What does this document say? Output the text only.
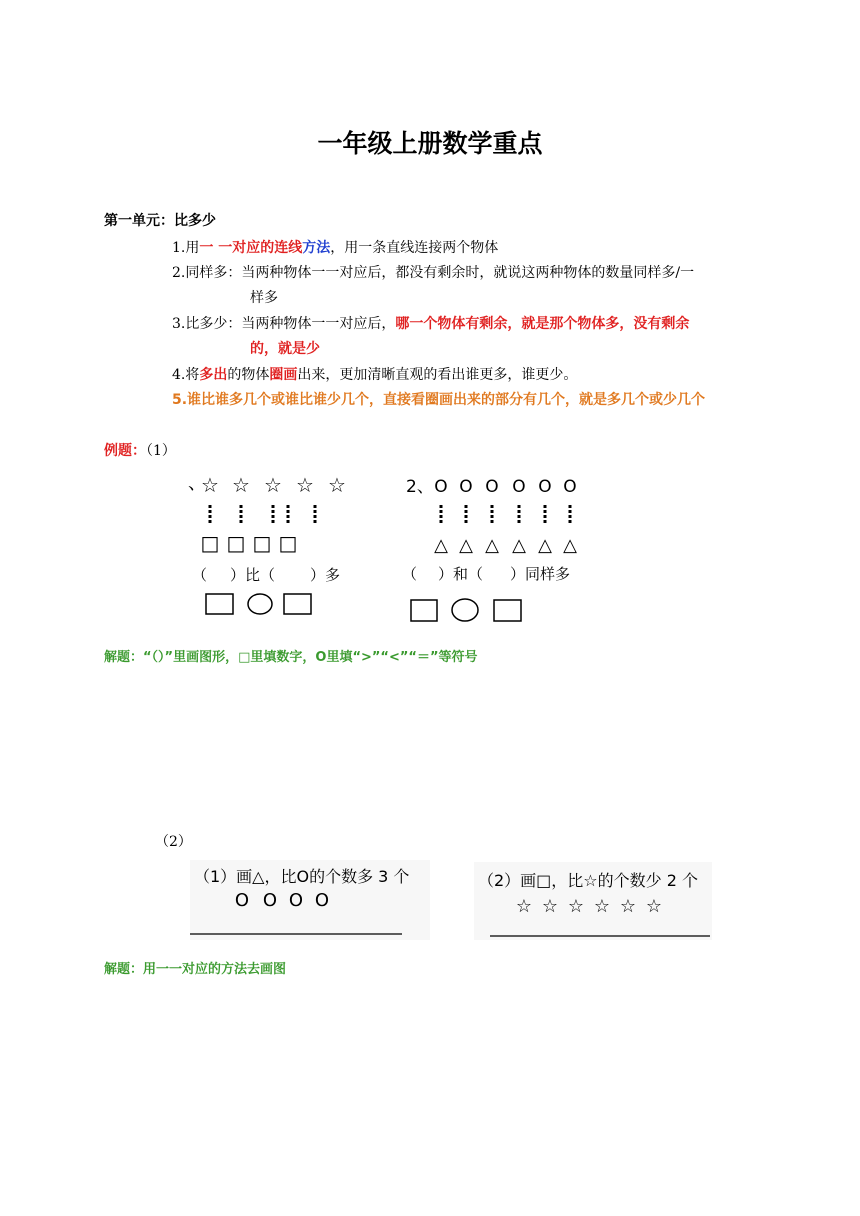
一年级上册数学重点
第一单元：比多少
1.用一 一对应的连线方法，用一条直线连接两个物体
2.同样多：当两种物体一一对应后，都没有剩余时，就说这两种物体的数量同样多/一
样多
3.比多少：当两种物体一一对应后，哪一个物体有剩余，就是那个物体多，没有剩余
的，就是少
4.将多出的物体圈画出来，更加清晰直观的看出谁更多，谁更少。
5.谁比谁多几个或谁比谁少几个，直接看圈画出来的部分有几个，就是多几个或少几个
例题：（1）
、
☆ ☆ ☆ ☆ ☆
□ □ □ □
（ ）比（ ）多
2、 O O O O O O
△ △ △ △ △ △
（ ）和（ ）同样多
解题：“（）”里画图形，□里填数字，O里填“>”“<”“＝”等符号
（2）
（1）画△，比O的个数多 3 个
O O O O
（2）画□，比☆的个数少 2 个
☆ ☆ ☆ ☆ ☆ ☆
解题：用一一对应的方法去画图
